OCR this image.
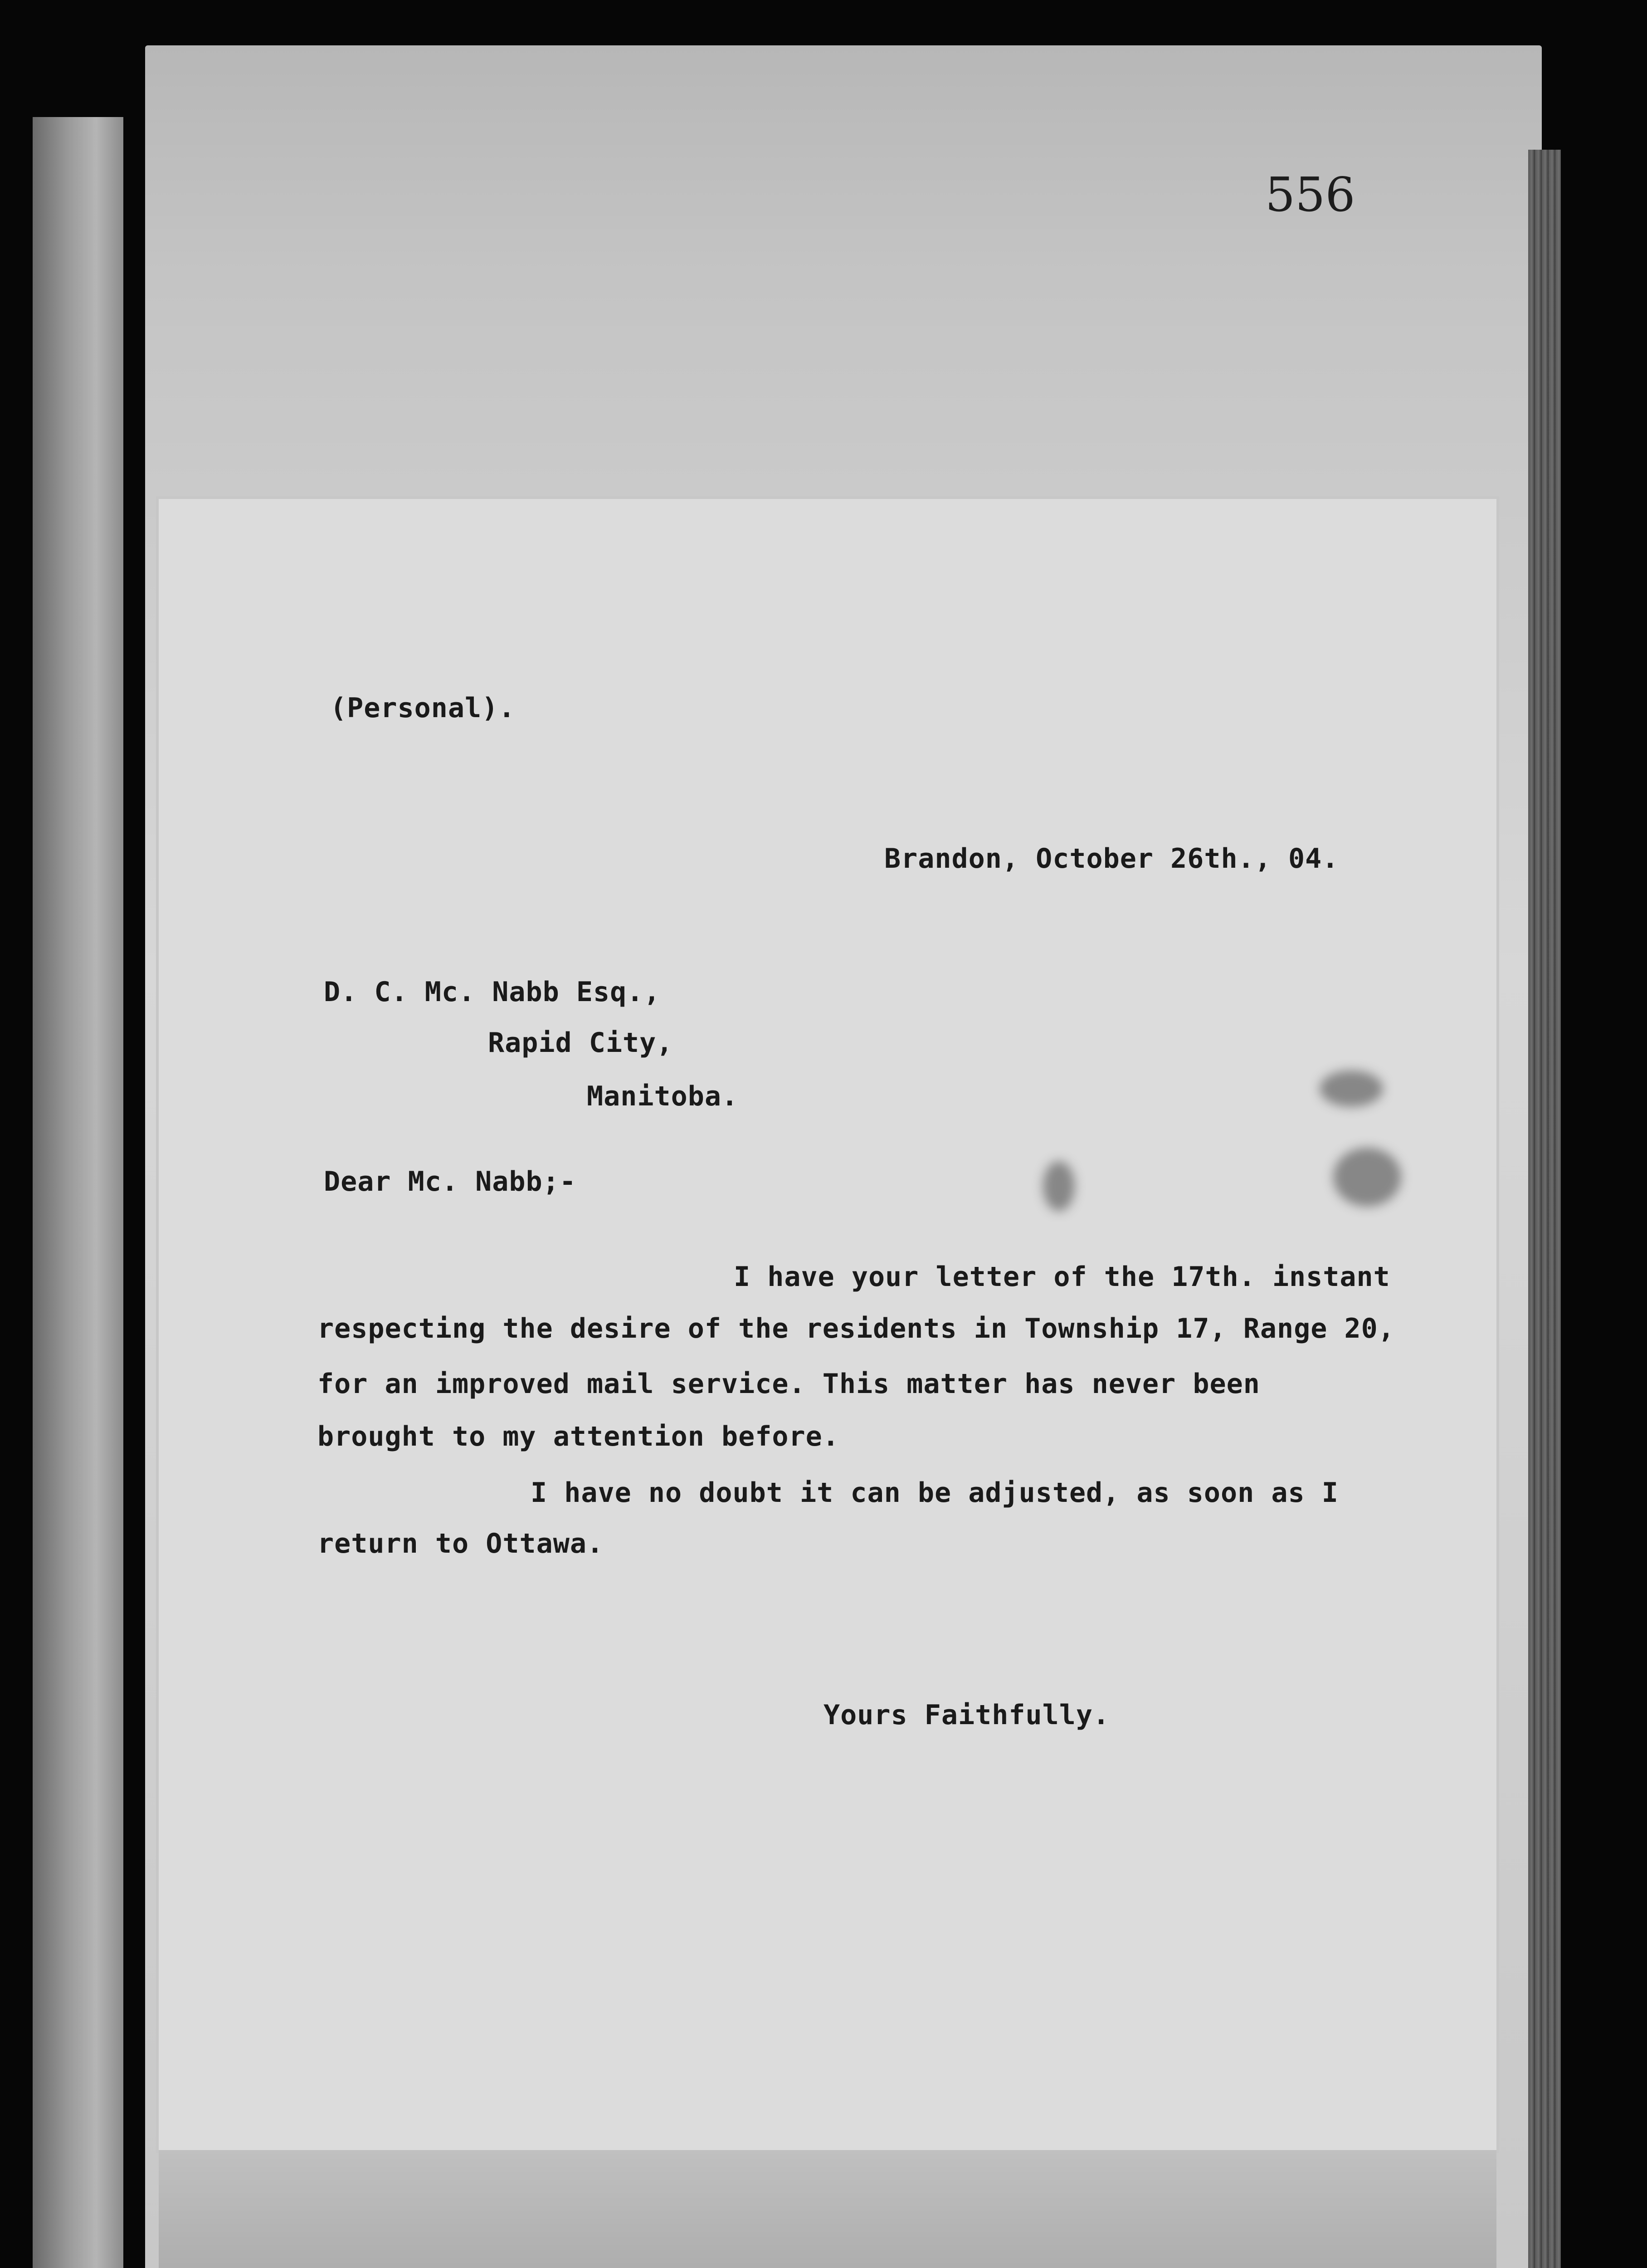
556
(Personal).
Brandon, October 26th., 04.
D. C. Mc. Nabb Esq.,
Rapid City,
Manitoba.
Dear Mc. Nabb;-
I have your letter of the 17th. instant
respecting the desire of the residents in Township 17, Range 20,
for an improved mail service. This matter has never been
brought to my attention before.
I have no doubt it can be adjusted, as soon as I
return to Ottawa.
Yours Faithfully.
